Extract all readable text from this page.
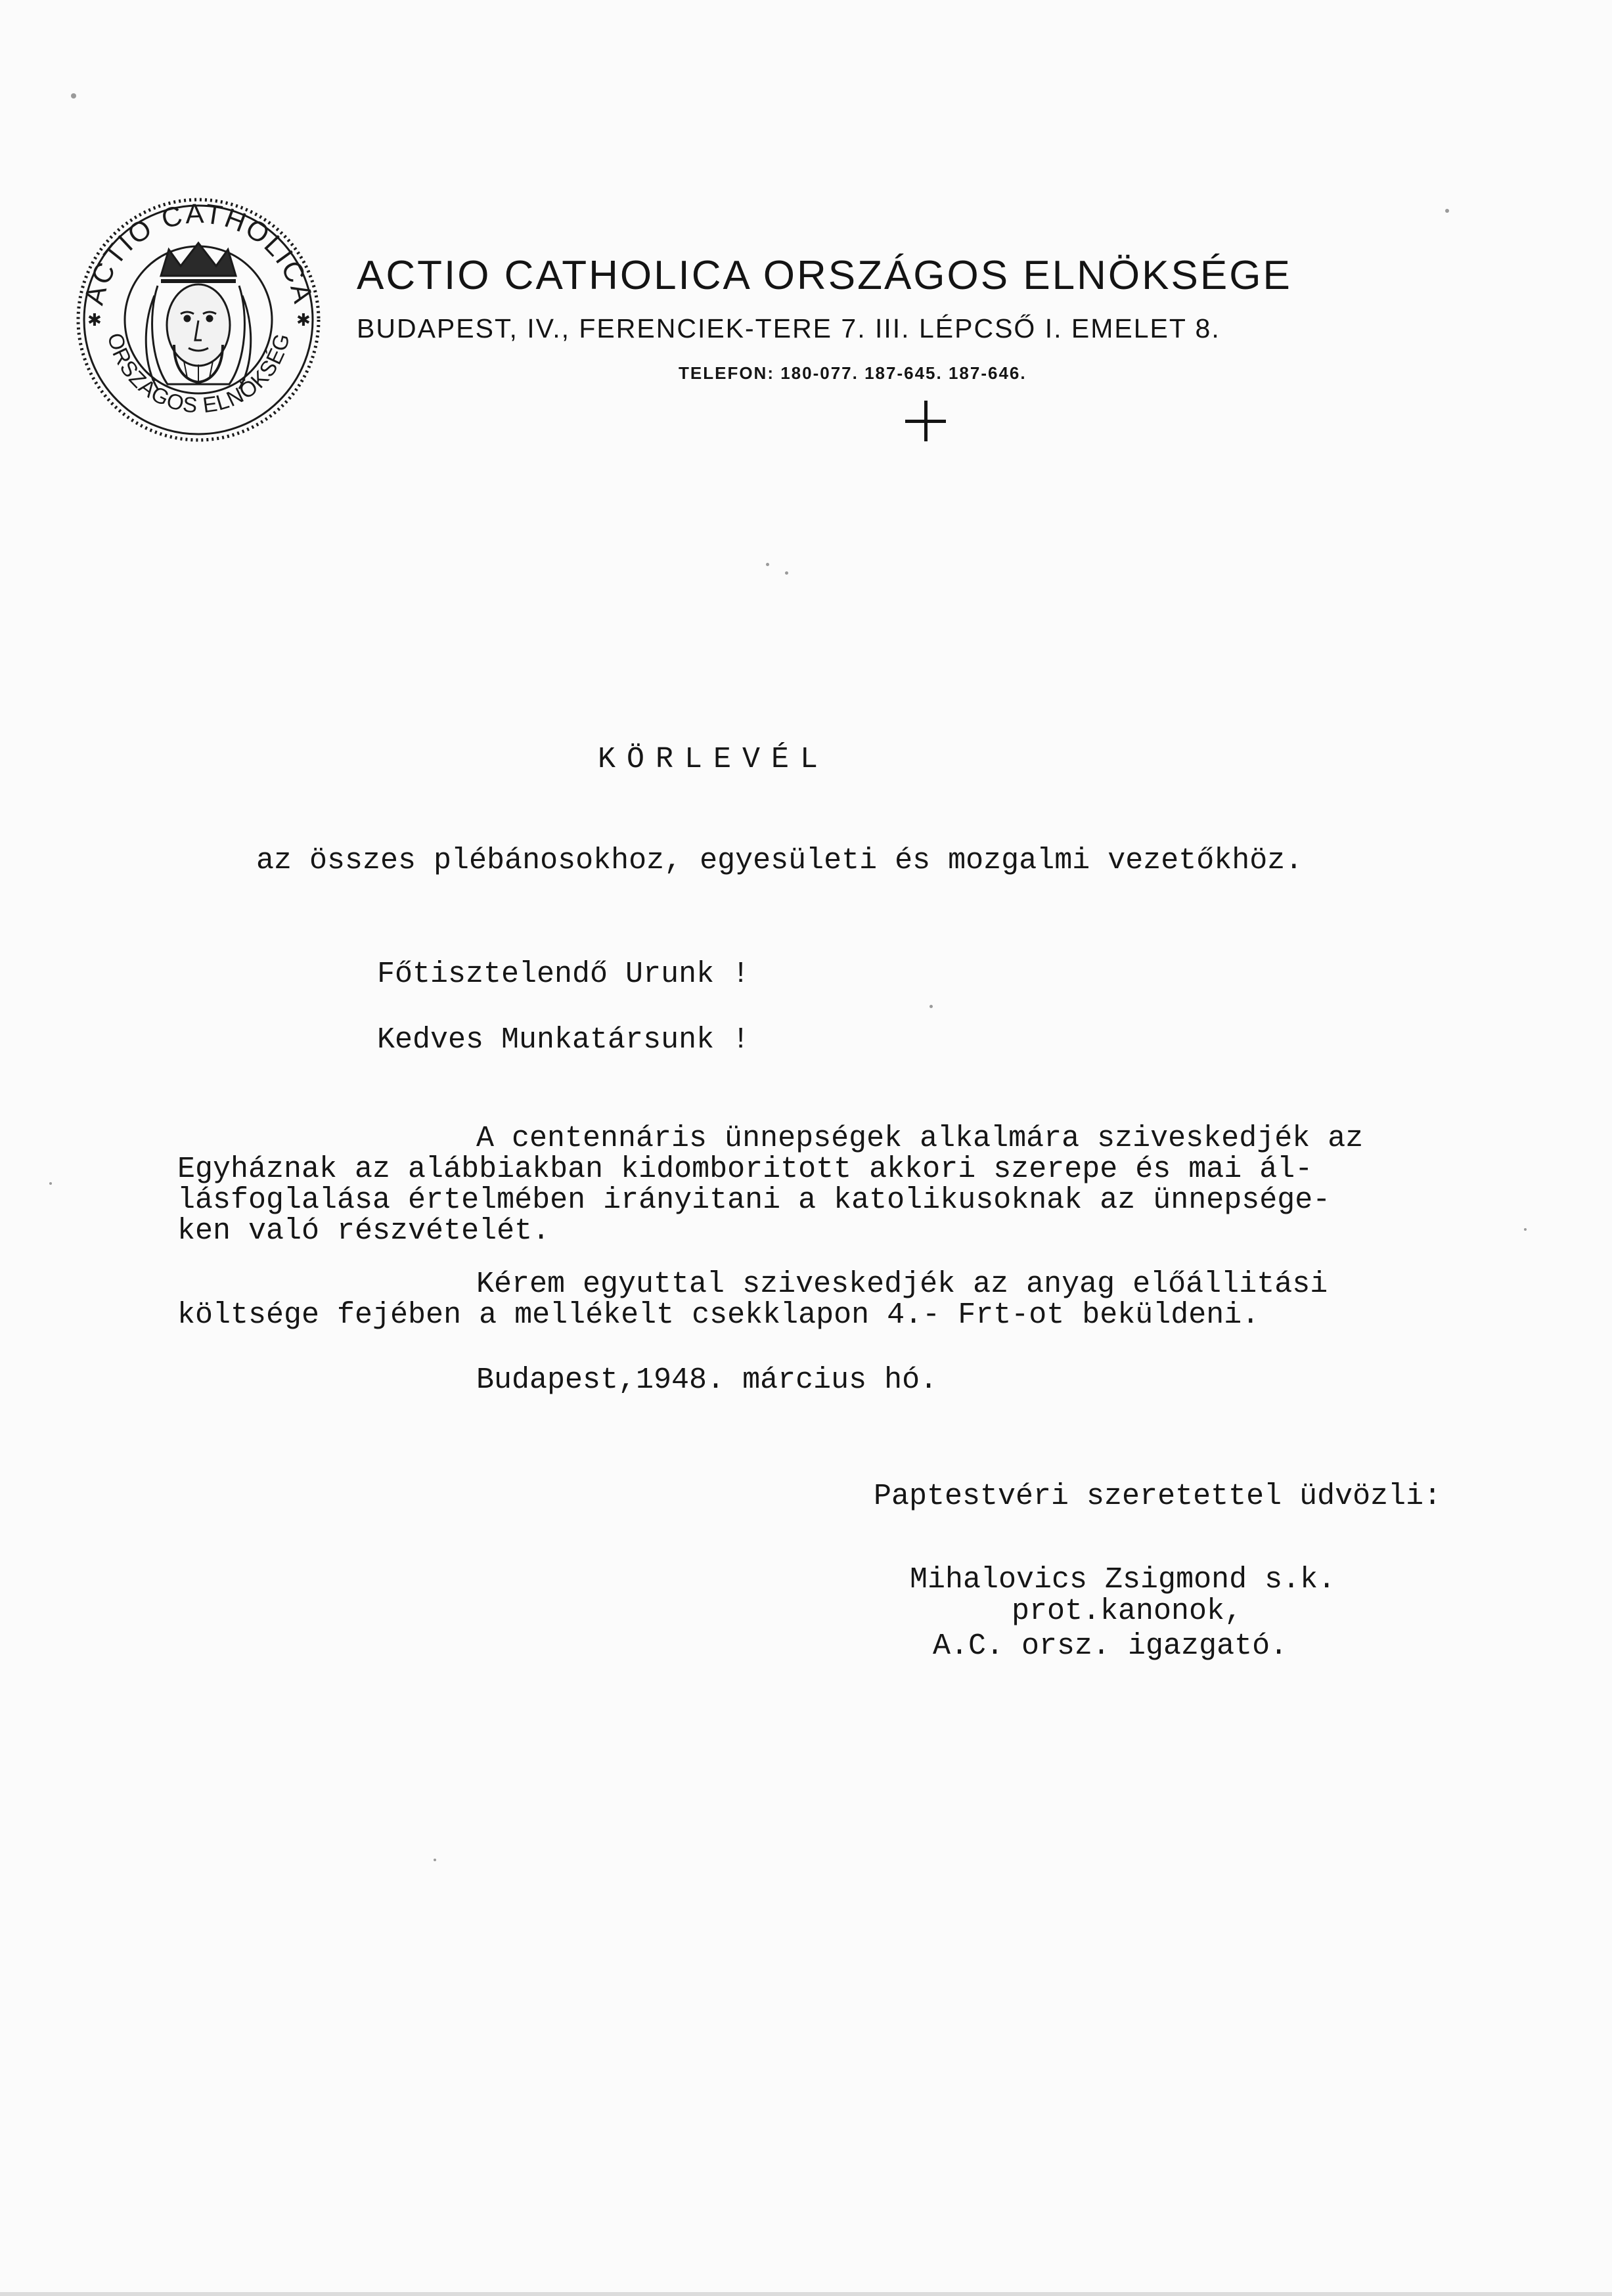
ACTIO CATHOLICA
ORSZÁGOS ELNÖKSÉG
✱	✱
ACTIO CATHOLICA ORSZÁGOS ELNÖKSÉGE
BUDAPEST, IV., FERENCIEK-TERE 7. III. LÉPCSŐ I. EMELET 8.
TELEFON: 180-077. 187-645. 187-646.
KÖRLEVÉL
az összes plébánosokhoz, egyesületi és mozgalmi vezetőkhöz.
Főtisztelendő Urunk !
Kedves Munkatársunk !
A centennáris ünnepségek alkalmára sziveskedjék az
Egyháznak az alábbiakban kidomboritott akkori szerepe és mai ál-
lásfoglalása értelmében irányitani a katolikusoknak az ünnepsége-
ken való részvételét.
Kérem egyuttal sziveskedjék az anyag előállitási
költsége fejében a mellékelt csekklapon 4.- Frt-ot beküldeni.
Budapest,1948. március hó.
Paptestvéri szeretettel üdvözli:
Mihalovics Zsigmond s.k.
prot.kanonok,
A.C. orsz. igazgató.
